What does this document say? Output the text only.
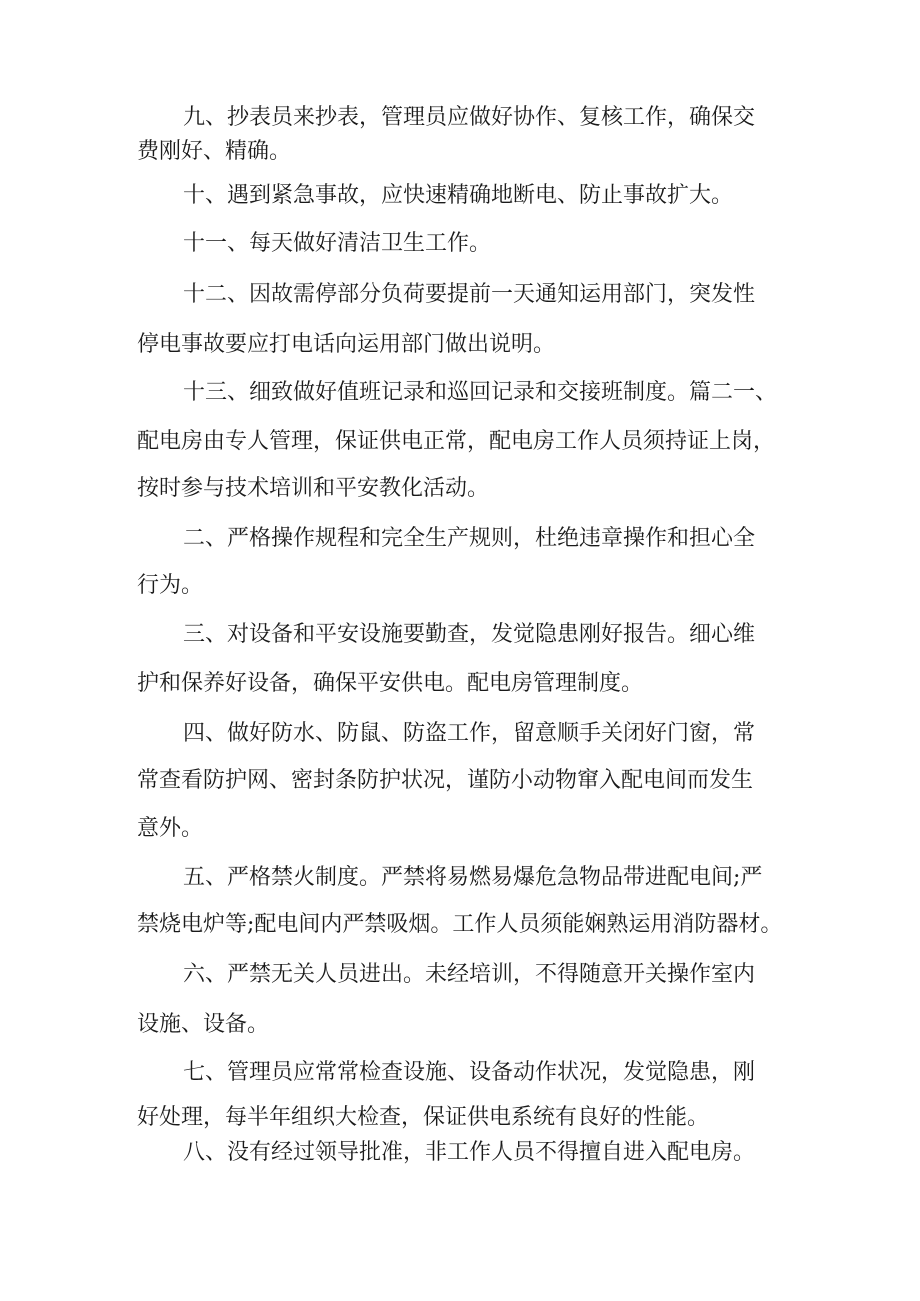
九、抄表员来抄表，管理员应做好协作、复核工作，确保交

费刚好、精确。

十、遇到紧急事故，应快速精确地断电、防止事故扩大。

十一、每天做好清洁卫生工作。

十二、因故需停部分负荷要提前一天通知运用部门，突发性

停电事故要应打电话向运用部门做出说明。

十三、细致做好值班记录和巡回记录和交接班制度。篇二一、

配电房由专人管理，保证供电正常，配电房工作人员须持证上岗，

按时参与技术培训和平安教化活动。

二、严格操作规程和完全生产规则，杜绝违章操作和担心全

行为。

三、对设备和平安设施要勤查，发觉隐患刚好报告。细心维

护和保养好设备，确保平安供电。配电房管理制度。

四、做好防水、防鼠、防盗工作，留意顺手关闭好门窗，常

常查看防护网、密封条防护状况，谨防小动物窜入配电间而发生

意外。

五、严格禁火制度。严禁将易燃易爆危急物品带进配电间;严

禁烧电炉等;配电间内严禁吸烟。工作人员须能娴熟运用消防器材。

六、严禁无关人员进出。未经培训，不得随意开关操作室内

设施、设备。

七、管理员应常常检查设施、设备动作状况，发觉隐患，刚

好处理，每半年组织大检查，保证供电系统有良好的性能。

八、没有经过领导批准，非工作人员不得擅自进入配电房。
